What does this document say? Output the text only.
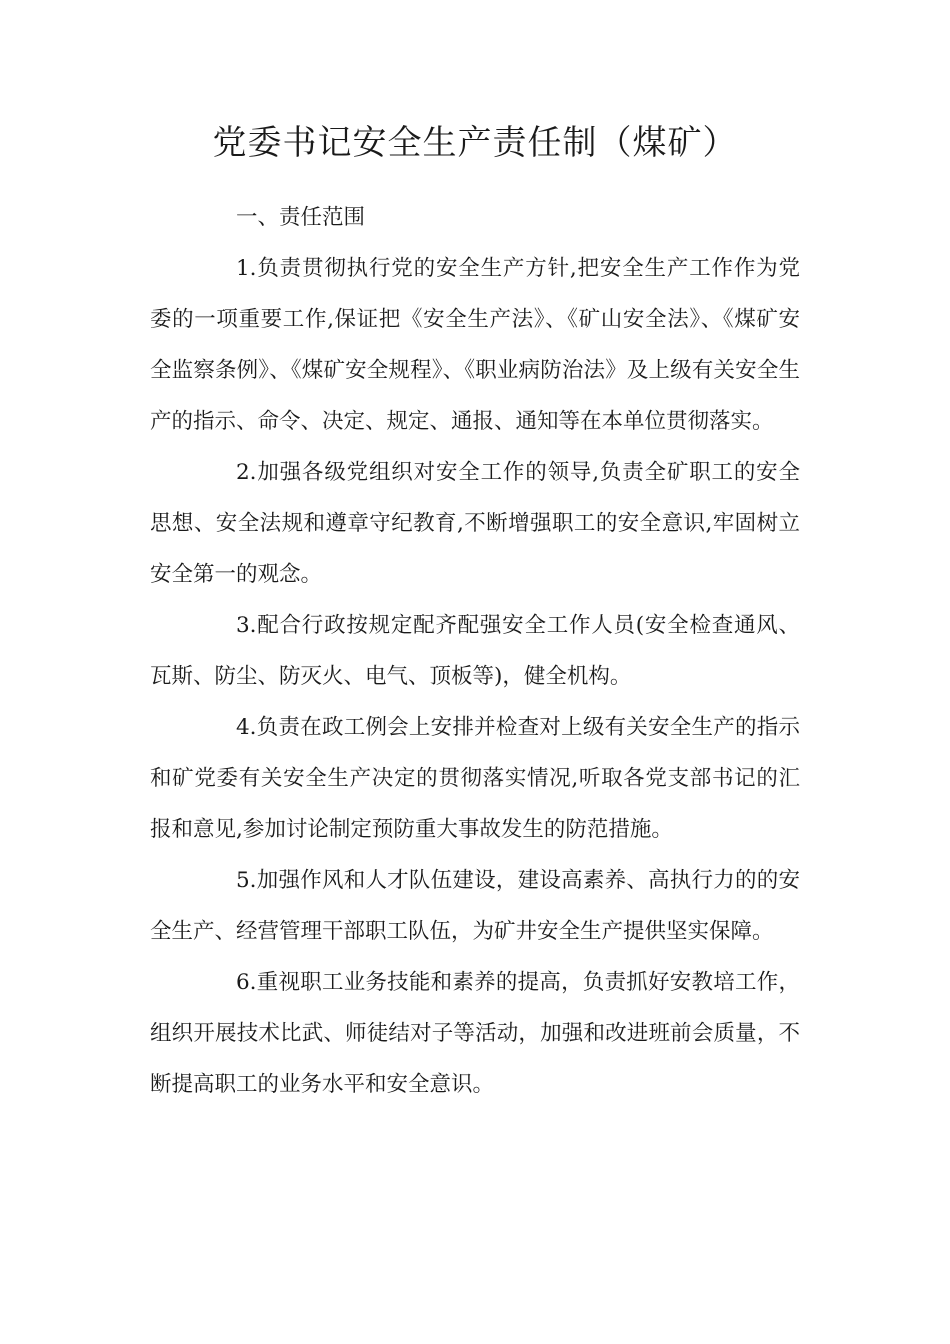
党委书记安全生产责任制（煤矿）

一、责任范围

1.负责贯彻执行党的安全生产方针,把安全生产工作作为党委的一项重要工作,保证把《安全生产法》、《矿山安全法》、《煤矿安全监察条例》、《煤矿安全规程》、《职业病防治法》及上级有关安全生产的指示、命令、决定、规定、通报、通知等在本单位贯彻落实。

2.加强各级党组织对安全工作的领导,负责全矿职工的安全思想、安全法规和遵章守纪教育,不断增强职工的安全意识,牢固树立安全第一的观念。

3.配合行政按规定配齐配强安全工作人员(安全检查通风、瓦斯、防尘、防灭火、电气、顶板等)，健全机构。

4.负责在政工例会上安排并检查对上级有关安全生产的指示和矿党委有关安全生产决定的贯彻落实情况,听取各党支部书记的汇报和意见,参加讨论制定预防重大事故发生的防范措施。

5.加强作风和人才队伍建设，建设高素养、高执行力的的安全生产、经营管理干部职工队伍，为矿井安全生产提供坚实保障。

6.重视职工业务技能和素养的提高，负责抓好安教培工作，组织开展技术比武、师徒结对子等活动，加强和改进班前会质量，不断提高职工的业务水平和安全意识。
